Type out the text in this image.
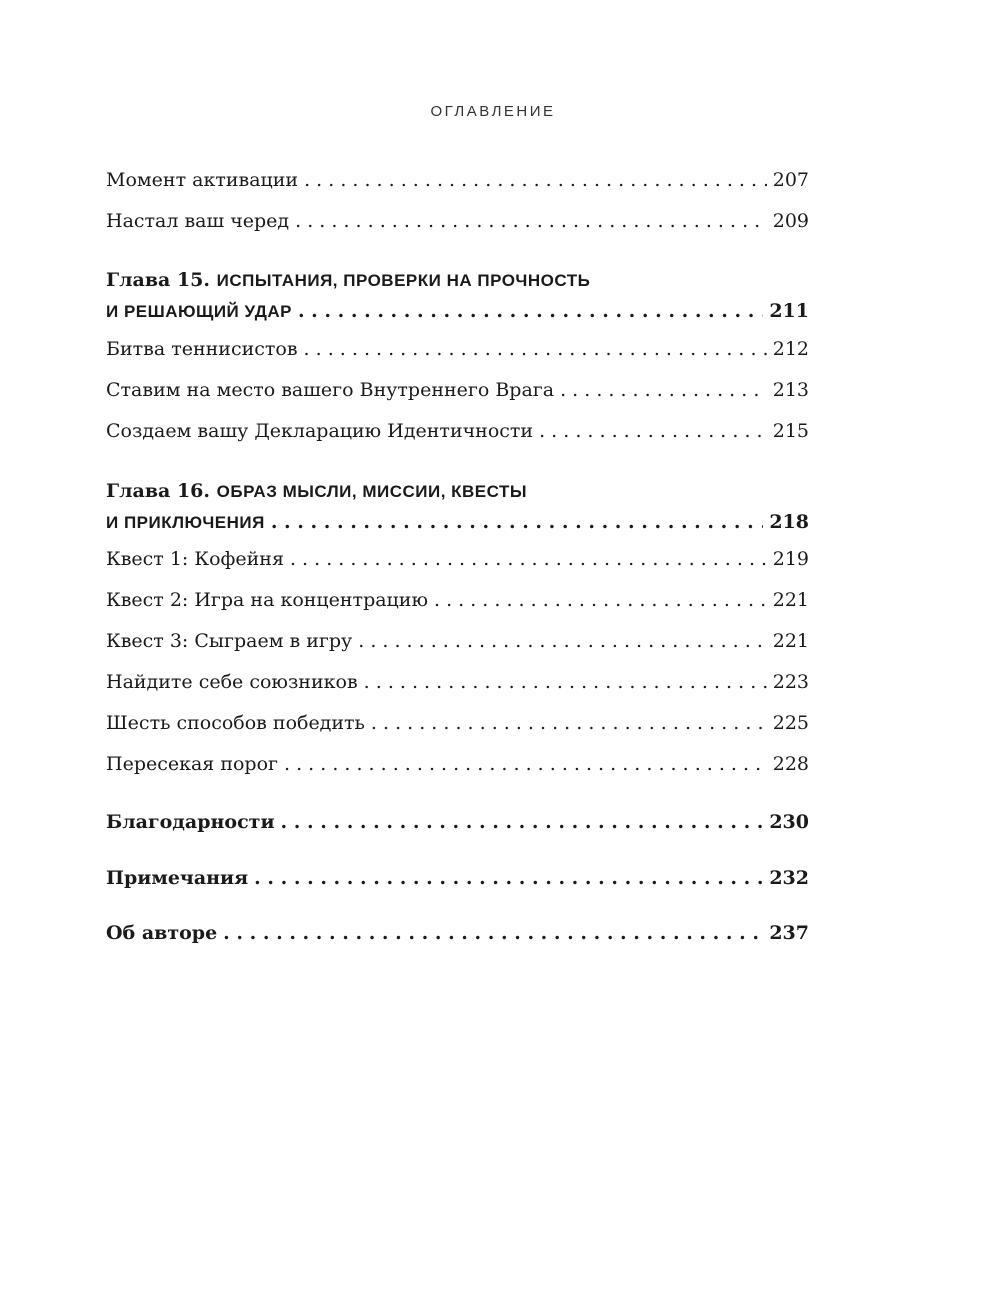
ОГЛАВЛЕНИЕ
Момент активации . . .	207
Настал ваш черед . . .	209
Глава 15. ИСПЫТАНИЯ, ПРОВЕРКИ НА ПРОЧНОСТЬ
И РЕШАЮЩИЙ УДАР . . .	211
Битва теннисистов . . .	212
Ставим на место вашего Внутреннего Врага . . .	213
Создаем вашу Декларацию Идентичности . . .	215
Глава 16. ОБРАЗ МЫСЛИ, МИССИИ, КВЕСТЫ
И ПРИКЛЮЧЕНИЯ . . .	218
Квест 1: Кофейня . . .	219
Квест 2: Игра на концентрацию . . .	221
Квест 3: Сыграем в игру . . .	221
Найдите себе союзников . . .	223
Шесть способов победить . . .	225
Пересекая порог . . .	228
Благодарности . . .	230
Примечания . . .	232
Об авторе . . .	237
